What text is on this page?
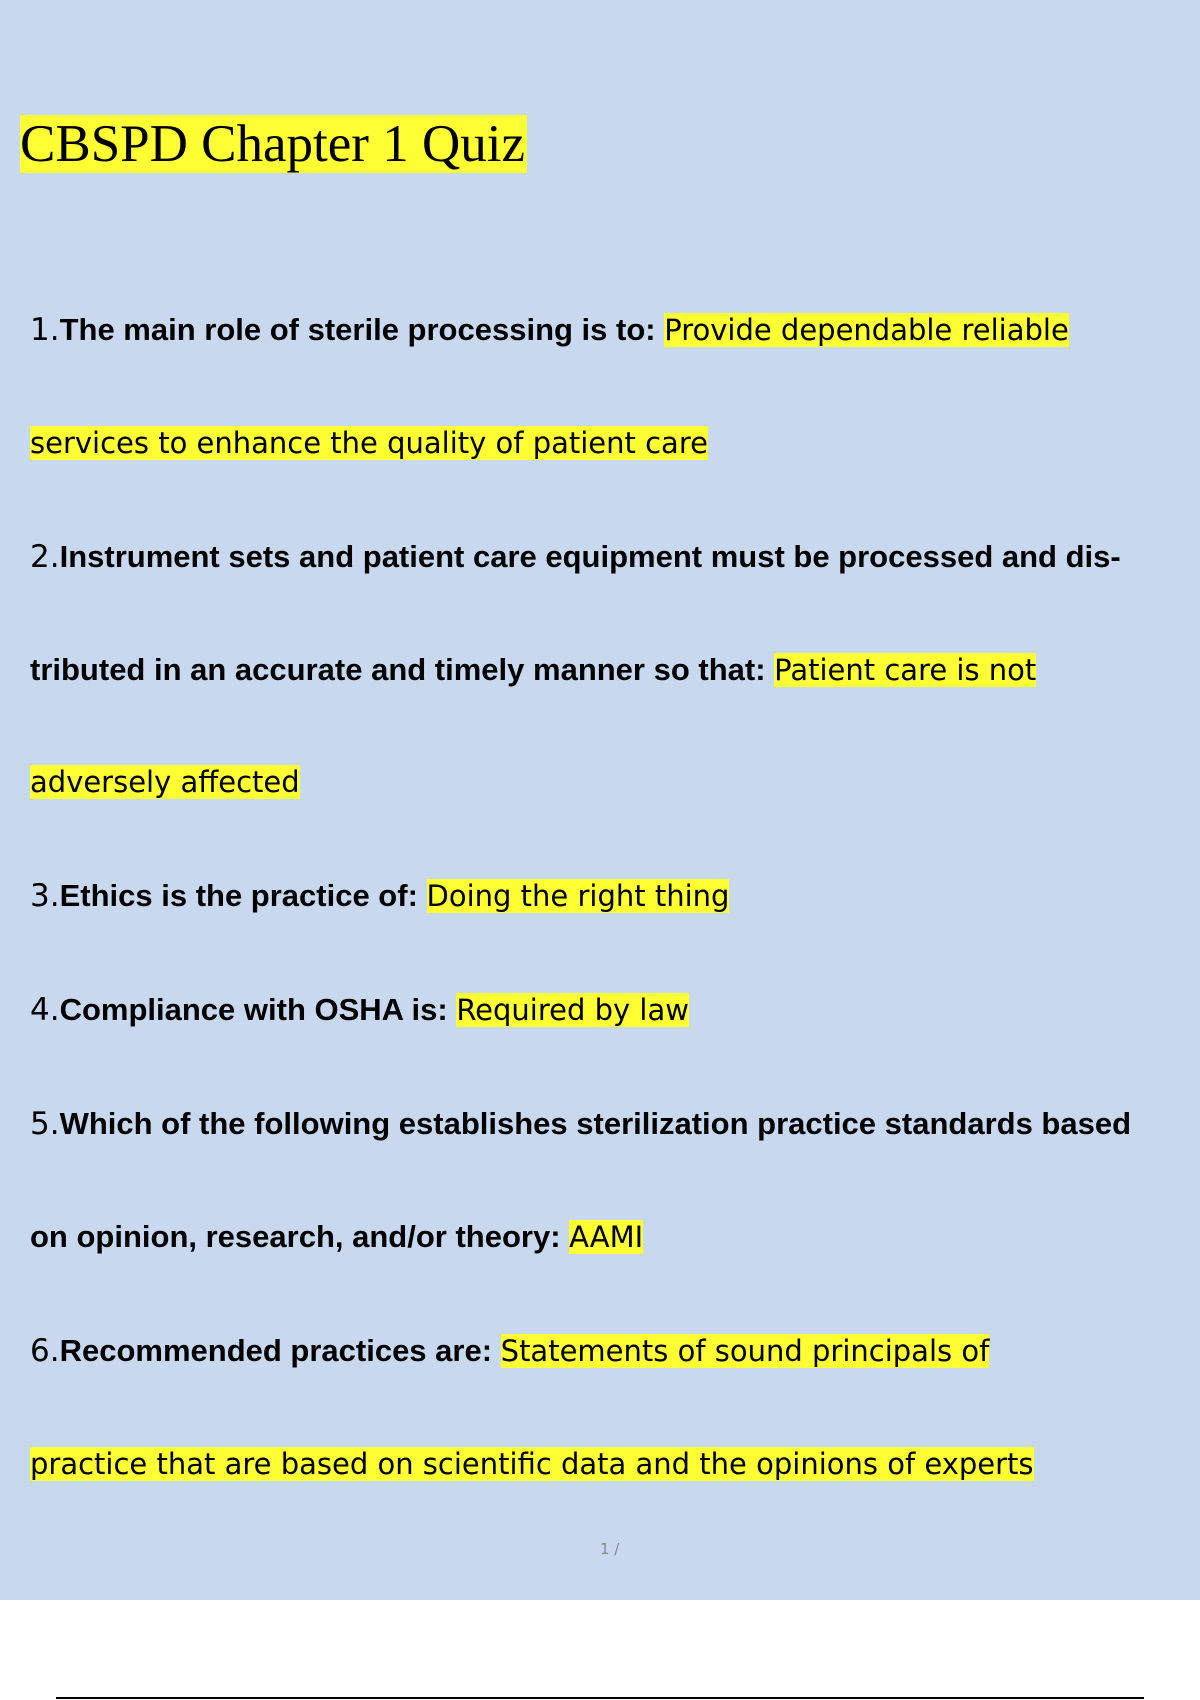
CBSPD Chapter 1 Quiz

1.The main role of sterile processing is to: Provide dependable reliable

services to enhance the quality of patient care

2.Instrument sets and patient care equipment must be processed and dis-

tributed in an accurate and timely manner so that: Patient care is not

adversely affected

3.Ethics is the practice of: Doing the right thing

4.Compliance with OSHA is: Required by law

5.Which of the following establishes sterilization practice standards based

on opinion, research, and/or theory: AAMI

6.Recommended practices are: Statements of sound principals of

practice that are based on scientific data and the opinions of experts

1 /
